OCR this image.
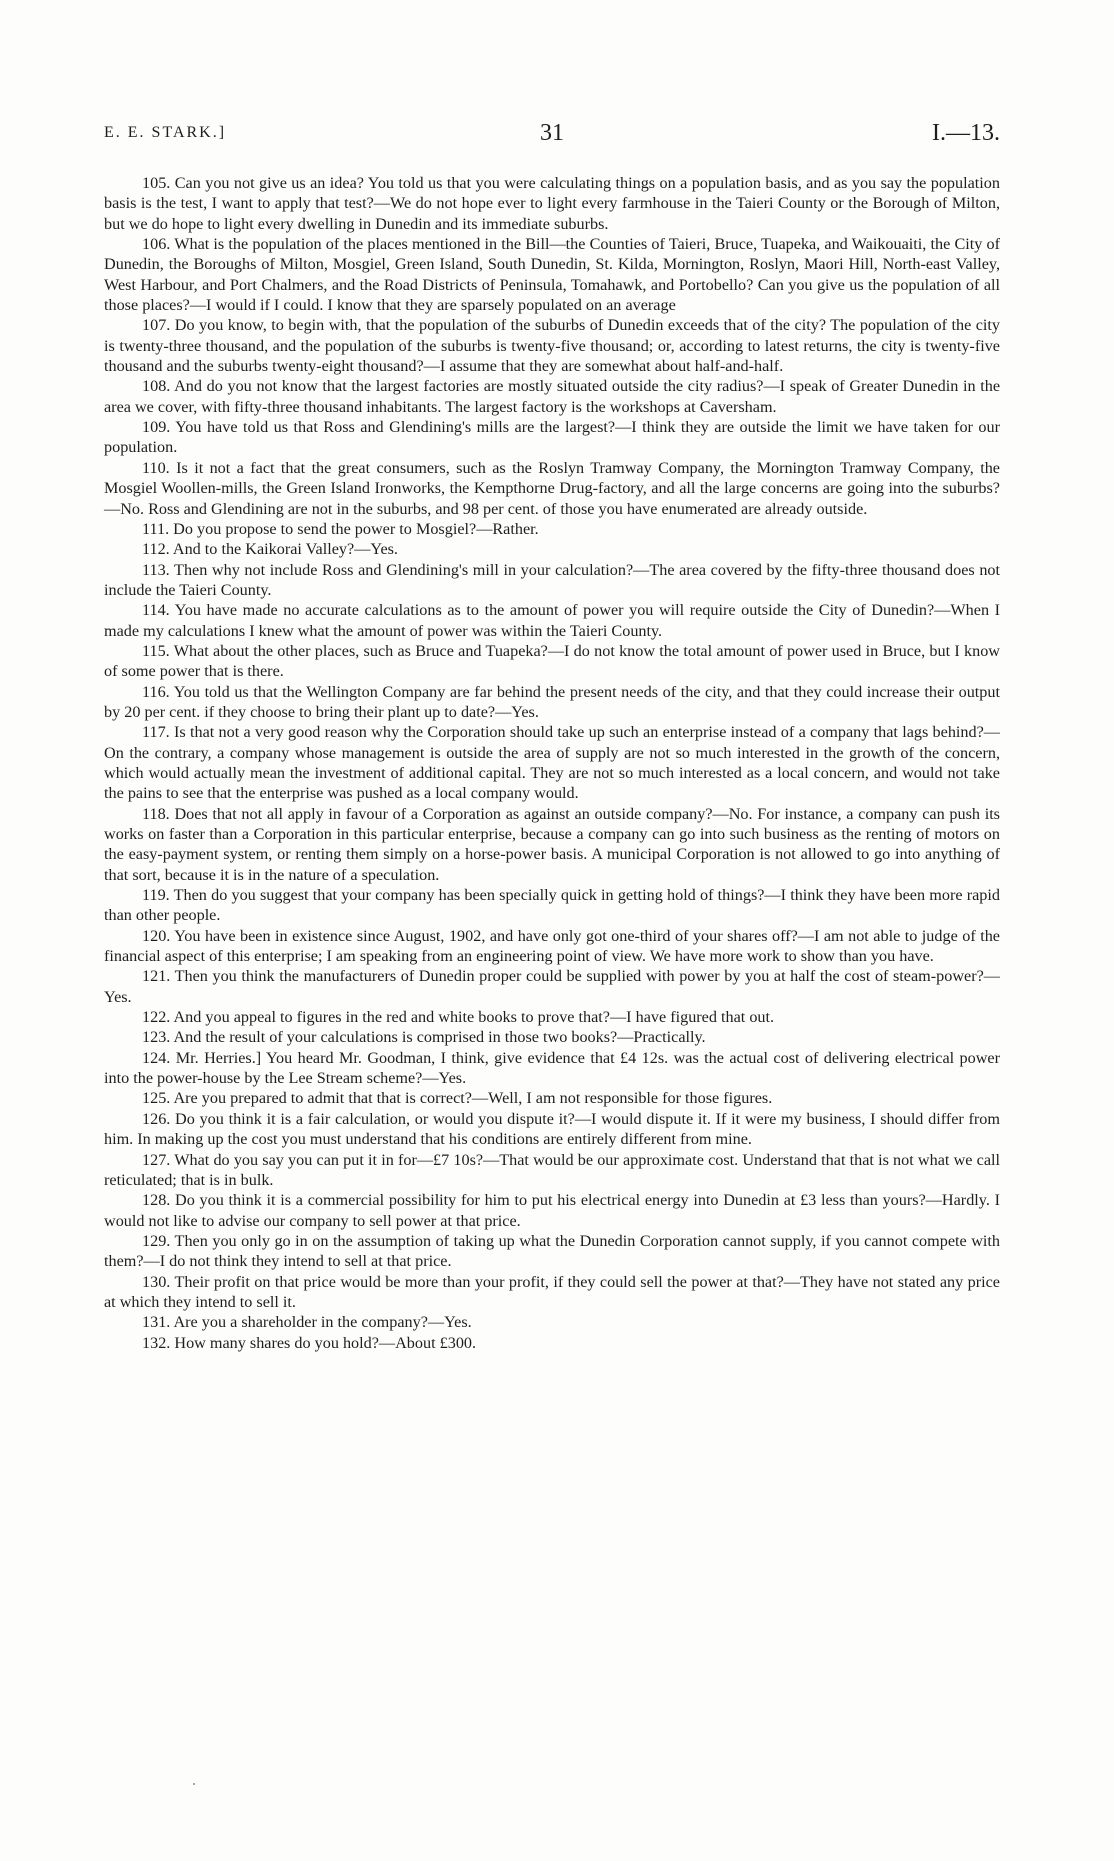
E. E. STARK.]	31	I.—13.

105. Can you not give us an idea? You told us that you were calculating things on a population basis, and as you say the population basis is the test, I want to apply that test?—We do not hope ever to light every farmhouse in the Taieri County or the Borough of Milton, but we do hope to light every dwelling in Dunedin and its immediate suburbs.

106. What is the population of the places mentioned in the Bill—the Counties of Taieri, Bruce, Tuapeka, and Waikouaiti, the City of Dunedin, the Boroughs of Milton, Mosgiel, Green Island, South Dunedin, St. Kilda, Mornington, Roslyn, Maori Hill, North-east Valley, West Harbour, and Port Chalmers, and the Road Districts of Peninsula, Tomahawk, and Portobello? Can you give us the population of all those places?—I would if I could. I know that they are sparsely populated on an average

107. Do you know, to begin with, that the population of the suburbs of Dunedin exceeds that of the city? The population of the city is twenty-three thousand, and the population of the suburbs is twenty-five thousand; or, according to latest returns, the city is twenty-five thousand and the suburbs twenty-eight thousand?—I assume that they are somewhat about half-and-half.

108. And do you not know that the largest factories are mostly situated outside the city radius?—I speak of Greater Dunedin in the area we cover, with fifty-three thousand inhabitants. The largest factory is the workshops at Caversham.

109. You have told us that Ross and Glendining's mills are the largest?—I think they are outside the limit we have taken for our population.

110. Is it not a fact that the great consumers, such as the Roslyn Tramway Company, the Mornington Tramway Company, the Mosgiel Woollen-mills, the Green Island Ironworks, the Kempthorne Drug-factory, and all the large concerns are going into the suburbs?—No. Ross and Glendining are not in the suburbs, and 98 per cent. of those you have enumerated are already outside.

111. Do you propose to send the power to Mosgiel?—Rather.

112. And to the Kaikorai Valley?—Yes.

113. Then why not include Ross and Glendining's mill in your calculation?—The area covered by the fifty-three thousand does not include the Taieri County.

114. You have made no accurate calculations as to the amount of power you will require outside the City of Dunedin?—When I made my calculations I knew what the amount of power was within the Taieri County.

115. What about the other places, such as Bruce and Tuapeka?—I do not know the total amount of power used in Bruce, but I know of some power that is there.

116. You told us that the Wellington Company are far behind the present needs of the city, and that they could increase their output by 20 per cent. if they choose to bring their plant up to date?—Yes.

117. Is that not a very good reason why the Corporation should take up such an enterprise instead of a company that lags behind?—On the contrary, a company whose management is outside the area of supply are not so much interested in the growth of the concern, which would actually mean the investment of additional capital. They are not so much interested as a local concern, and would not take the pains to see that the enterprise was pushed as a local company would.

118. Does that not all apply in favour of a Corporation as against an outside company?—No. For instance, a company can push its works on faster than a Corporation in this particular enterprise, because a company can go into such business as the renting of motors on the easy-payment system, or renting them simply on a horse-power basis. A municipal Corporation is not allowed to go into anything of that sort, because it is in the nature of a speculation.

119. Then do you suggest that your company has been specially quick in getting hold of things?—I think they have been more rapid than other people.

120. You have been in existence since August, 1902, and have only got one-third of your shares off?—I am not able to judge of the financial aspect of this enterprise; I am speaking from an engineering point of view. We have more work to show than you have.

121. Then you think the manufacturers of Dunedin proper could be supplied with power by you at half the cost of steam-power?—Yes.

122. And you appeal to figures in the red and white books to prove that?—I have figured that out.

123. And the result of your calculations is comprised in those two books?—Practically.

124. Mr. Herries.] You heard Mr. Goodman, I think, give evidence that £4 12s. was the actual cost of delivering electrical power into the power-house by the Lee Stream scheme?—Yes.

125. Are you prepared to admit that that is correct?—Well, I am not responsible for those figures.

126. Do you think it is a fair calculation, or would you dispute it?—I would dispute it. If it were my business, I should differ from him. In making up the cost you must understand that his conditions are entirely different from mine.

127. What do you say you can put it in for—£7 10s?—That would be our approximate cost. Understand that that is not what we call reticulated; that is in bulk.

128. Do you think it is a commercial possibility for him to put his electrical energy into Dunedin at £3 less than yours?—Hardly. I would not like to advise our company to sell power at that price.

129. Then you only go in on the assumption of taking up what the Dunedin Corporation cannot supply, if you cannot compete with them?—I do not think they intend to sell at that price.

130. Their profit on that price would be more than your profit, if they could sell the power at that?—They have not stated any price at which they intend to sell it.

131. Are you a shareholder in the company?—Yes.

132. How many shares do you hold?—About £300.
